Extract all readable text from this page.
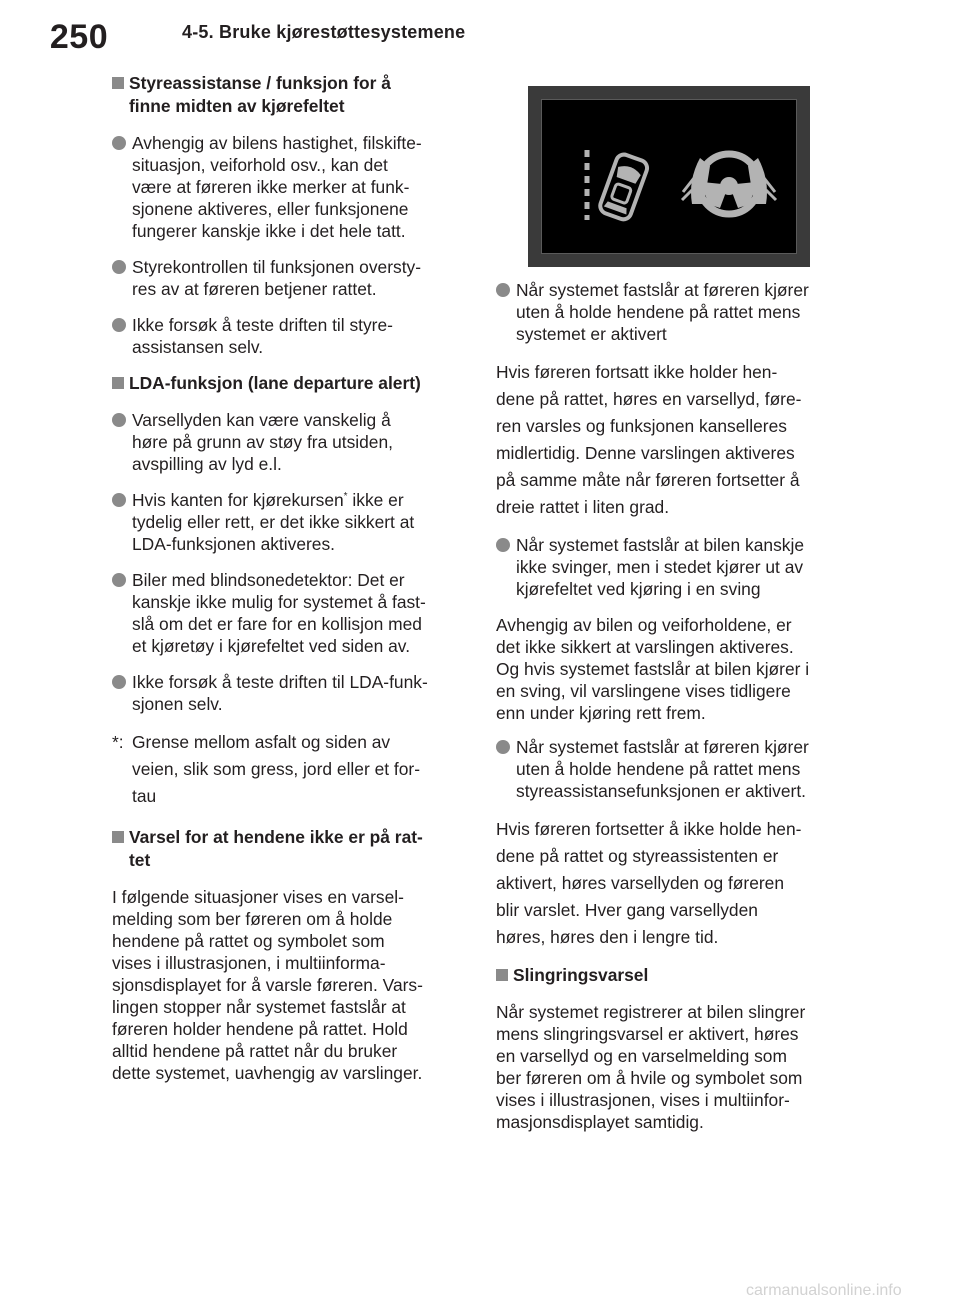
250	4-5. Bruke kjørestøttesystemene
Styreassistanse / funksjon for å
finne midten av kjørefeltet
Avhengig av bilens hastighet, filskifte-
situasjon, veiforhold osv., kan det
være at føreren ikke merker at funk-
sjonene aktiveres, eller funksjonene
fungerer kanskje ikke i det hele tatt.
Styrekontrollen til funksjonen oversty-
res av at føreren betjener rattet.
Ikke forsøk å teste driften til styre-
assistansen selv.
LDA-funksjon (lane departure alert)
Varsellyden kan være vanskelig å
høre på grunn av støy fra utsiden,
avspilling av lyd e.l.
Hvis kanten for kjørekursen* ikke er
tydelig eller rett, er det ikke sikkert at
LDA-funksjonen aktiveres.
Biler med blindsonedetektor: Det er
kanskje ikke mulig for systemet å fast-
slå om det er fare for en kollisjon med
et kjøretøy i kjørefeltet ved siden av.
Ikke forsøk å teste driften til LDA-funk-
sjonen selv.
*: Grense mellom asfalt og siden av
veien, slik som gress, jord eller et for-
tau
Varsel for at hendene ikke er på rat-
tet
I følgende situasjoner vises en varsel-
melding som ber føreren om å holde
hendene på rattet og symbolet som
vises i illustrasjonen, i multiinforma-
sjonsdisplayet for å varsle føreren. Vars-
lingen stopper når systemet fastslår at
føreren holder hendene på rattet. Hold
alltid hendene på rattet når du bruker
dette systemet, uavhengig av varslinger.
Når systemet fastslår at føreren kjører
uten å holde hendene på rattet mens
systemet er aktivert
Hvis føreren fortsatt ikke holder hen-
dene på rattet, høres en varsellyd, føre-
ren varsles og funksjonen kanselleres
midlertidig. Denne varslingen aktiveres
på samme måte når føreren fortsetter å
dreie rattet i liten grad.
Når systemet fastslår at bilen kanskje
ikke svinger, men i stedet kjører ut av
kjørefeltet ved kjøring i en sving
Avhengig av bilen og veiforholdene, er
det ikke sikkert at varslingen aktiveres.
Og hvis systemet fastslår at bilen kjører i
en sving, vil varslingene vises tidligere
enn under kjøring rett frem.
Når systemet fastslår at føreren kjører
uten å holde hendene på rattet mens
styreassistansefunksjonen er aktivert.
Hvis føreren fortsetter å ikke holde hen-
dene på rattet og styreassistenten er
aktivert, høres varsellyden og føreren
blir varslet. Hver gang varsellyden
høres, høres den i lengre tid.
Slingringsvarsel
Når systemet registrerer at bilen slingrer
mens slingringsvarsel er aktivert, høres
en varsellyd og en varselmelding som
ber føreren om å hvile og symbolet som
vises i illustrasjonen, vises i multiinfor-
masjonsdisplayet samtidig.
carmanualsonline.info
